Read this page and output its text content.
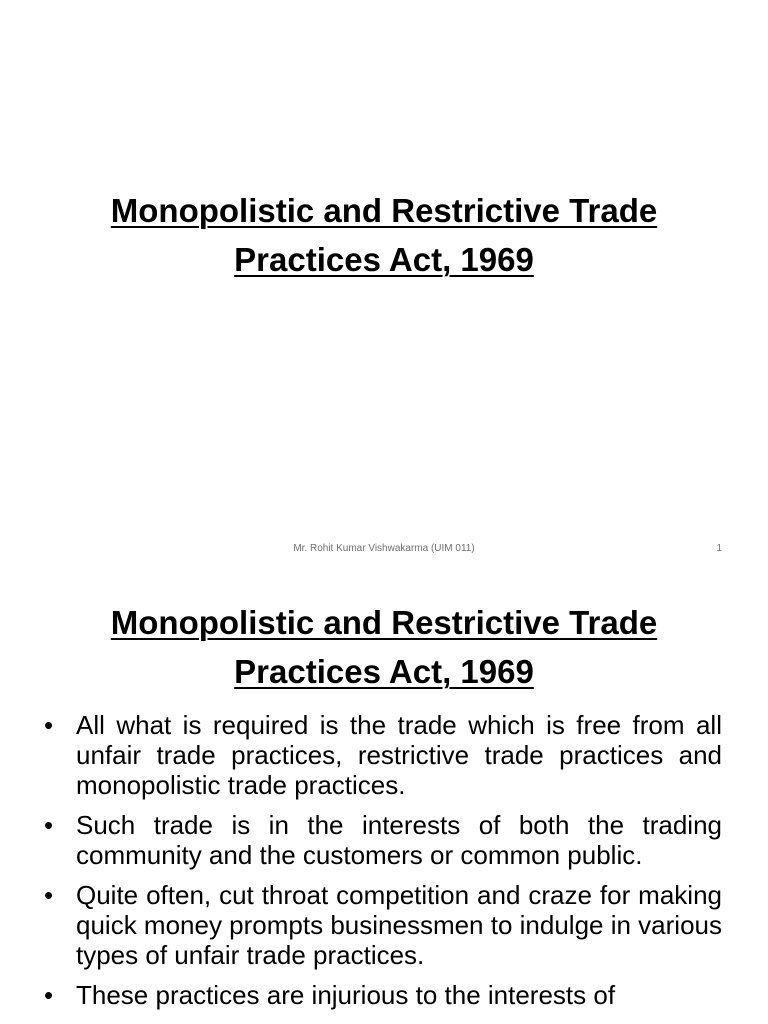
Monopolistic and Restrictive Trade
Practices Act, 1969
Mr. Rohit Kumar Vishwakarma (UIM 011)	1
Monopolistic and Restrictive Trade
Practices Act, 1969
• All what is required is the trade which is free from all unfair trade practices, restrictive trade practices and monopolistic trade practices.
• Such trade is in the interests of both the trading community and the customers or common public.
• Quite often, cut throat competition and craze for making quick money prompts businessmen to indulge in various types of unfair trade practices.
• These practices are injurious to the interests of
